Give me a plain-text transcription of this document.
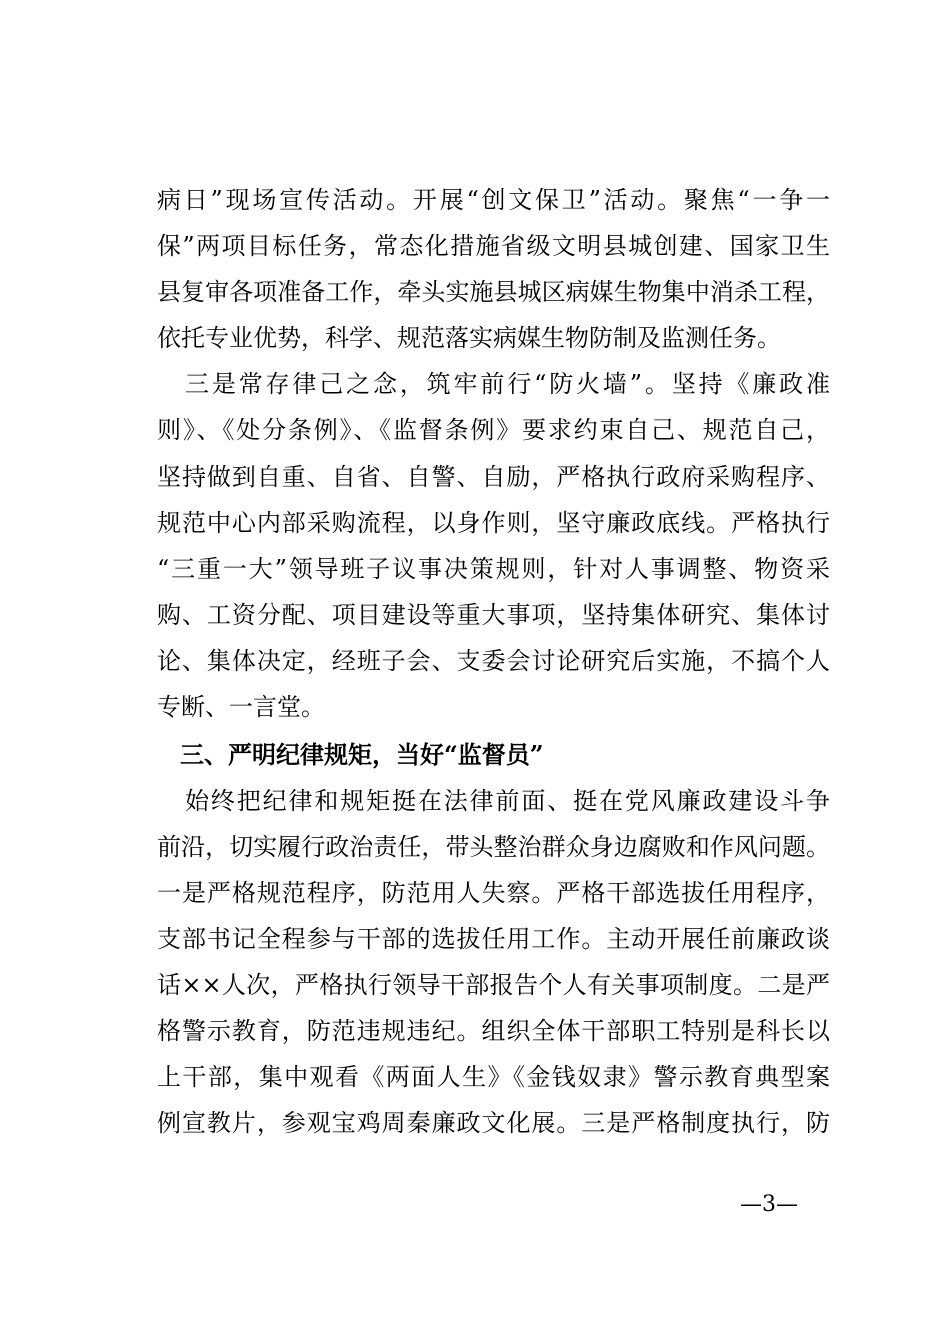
病日”现场宣传活动。开展“创文保卫”活动。聚焦“一争一
保”两项目标任务，常态化措施省级文明县城创建、国家卫生
县复审各项准备工作，牵头实施县城区病媒生物集中消杀工程，
依托专业优势，科学、规范落实病媒生物防制及监测任务。
三是常存律己之念，筑牢前行“防火墙”。坚持《廉政准
则》、《处分条例》、《监督条例》要求约束自己、规范自己，
坚持做到自重、自省、自警、自励，严格执行政府采购程序、
规范中心内部采购流程，以身作则，坚守廉政底线。严格执行
“三重一大”领导班子议事决策规则，针对人事调整、物资采
购、工资分配、项目建设等重大事项，坚持集体研究、集体讨
论、集体决定，经班子会、支委会讨论研究后实施，不搞个人
专断、一言堂。
三、严明纪律规矩，当好“监督员”
始终把纪律和规矩挺在法律前面、挺在党风廉政建设斗争
前沿，切实履行政治责任，带头整治群众身边腐败和作风问题。
一是严格规范程序，防范用人失察。严格干部选拔任用程序，
支部书记全程参与干部的选拔任用工作。主动开展任前廉政谈
话××人次，严格执行领导干部报告个人有关事项制度。二是严
格警示教育，防范违规违纪。组织全体干部职工特别是科长以
上干部，集中观看《两面人生》《金钱奴隶》警示教育典型案
例宣教片，参观宝鸡周秦廉政文化展。三是严格制度执行，防
—3—
